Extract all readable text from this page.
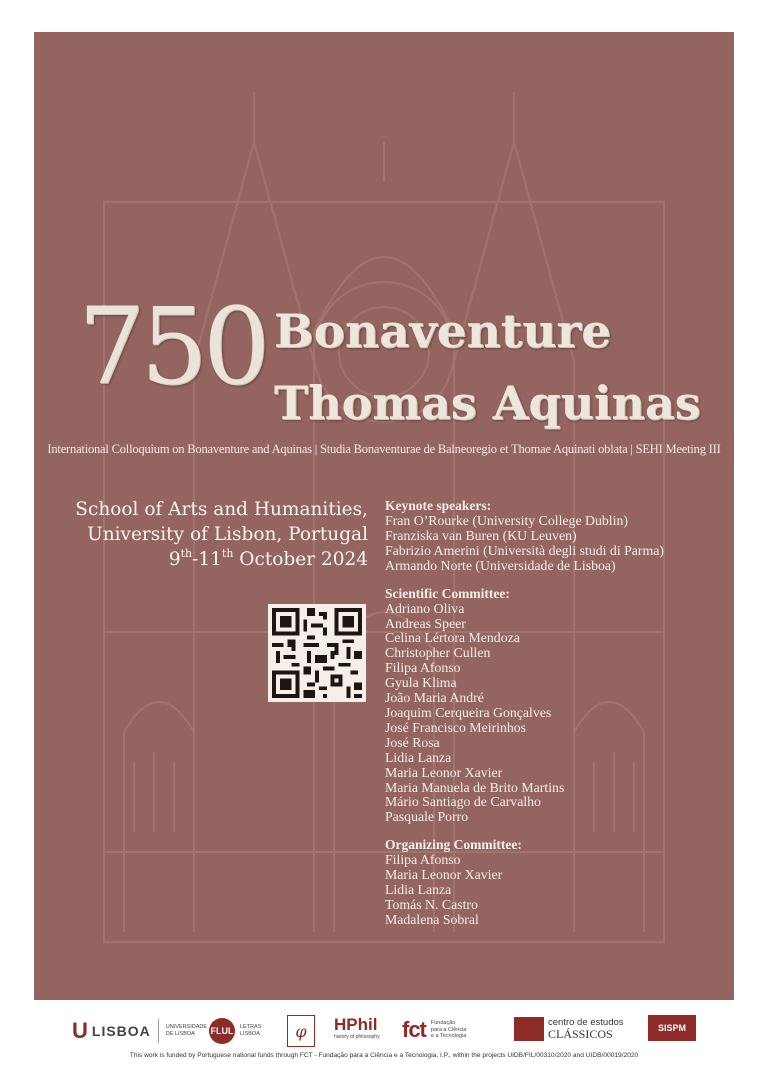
750 Bonaventure
Thomas Aquinas
International Colloquium on Bonaventure and Aquinas | Studia Bonaventurae de Balneoregio et Thomae Aquinati oblata | SEHI Meeting III
School of Arts and Humanities,
University of Lisbon, Portugal
9th-11th October 2024
Keynote speakers:
Fran O’Rourke (University College Dublin)
Franziska van Buren (KU Leuven)
Fabrizio Amerini (Università degli studi di Parma)
Armando Norte (Universidade de Lisboa)
Scientific Committee:
Adriano Oliva
Andreas Speer
Celina Lértora Mendoza
Christopher Cullen
Filipa Afonso
Gyula Klima
João Maria André
Joaquim Cerqueira Gonçalves
José Francisco Meirinhos
José Rosa
Lidia Lanza
Maria Leonor Xavier
Maria Manuela de Brito Martins
Mário Santiago de Carvalho
Pasquale Porro
Organizing Committee:
Filipa Afonso
Maria Leonor Xavier
Lidia Lanza
Tomás N. Castro
Madalena Sobral
U LISBOA	UNIVERSIDADE
DE LISBOA	FLUL LETRAS
LISBOA	φ	HPhil
history of philosophy fct Fundação
para a Ciência
e a Tecnologia
centro de estudos
CLÁSSICOS	SISPM
This work is funded by Portuguese national funds through FCT - Fundação para a Ciência e a Tecnologia, I.P., within the projects UIDB/FIL/00310/2020 and UIDB/00019/2020
